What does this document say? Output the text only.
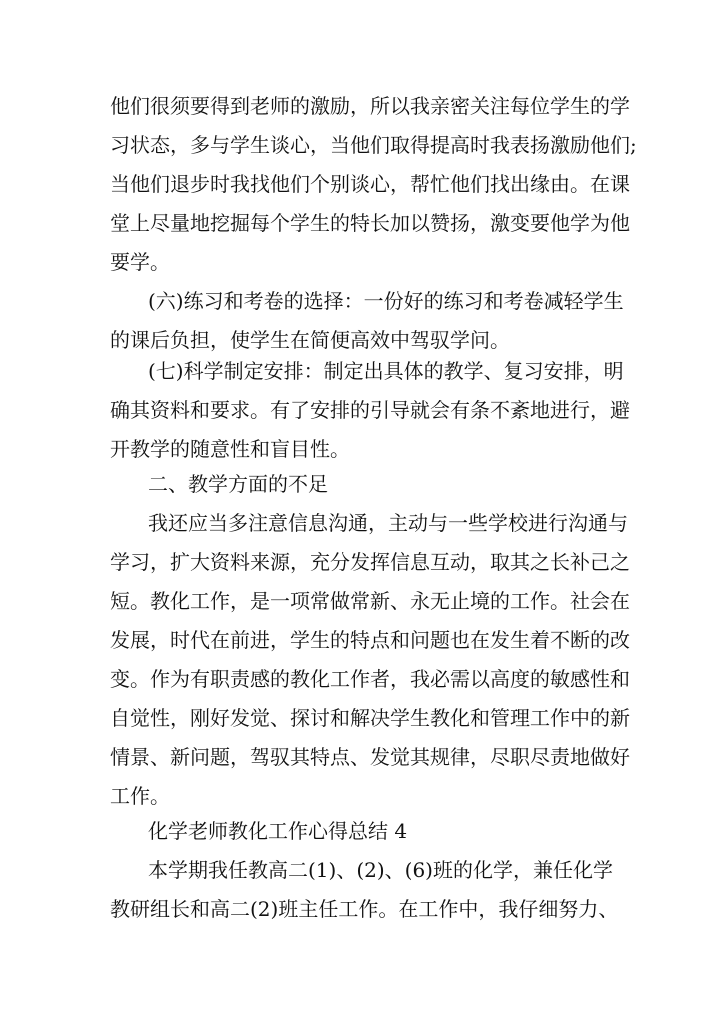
他们很须要得到老师的激励，所以我亲密关注每位学生的学
习状态，多与学生谈心，当他们取得提高时我表扬激励他们;
当他们退步时我找他们个别谈心，帮忙他们找出缘由。在课
堂上尽量地挖掘每个学生的特长加以赞扬，激变要他学为他
要学。
(六)练习和考卷的选择：一份好的练习和考卷减轻学生
的课后负担，使学生在简便高效中驾驭学问。
(七)科学制定安排：制定出具体的教学、复习安排，明
确其资料和要求。有了安排的引导就会有条不紊地进行，避
开教学的随意性和盲目性。
二、教学方面的不足
我还应当多注意信息沟通，主动与一些学校进行沟通与
学习，扩大资料来源，充分发挥信息互动，取其之长补己之
短。教化工作，是一项常做常新、永无止境的工作。社会在
发展，时代在前进，学生的特点和问题也在发生着不断的改
变。作为有职责感的教化工作者，我必需以高度的敏感性和
自觉性，刚好发觉、探讨和解决学生教化和管理工作中的新
情景、新问题，驾驭其特点、发觉其规律，尽职尽责地做好
工作。
化学老师教化工作心得总结 4
本学期我任教高二(1)、(2)、(6)班的化学，兼任化学
教研组长和高二(2)班主任工作。在工作中，我仔细努力、
